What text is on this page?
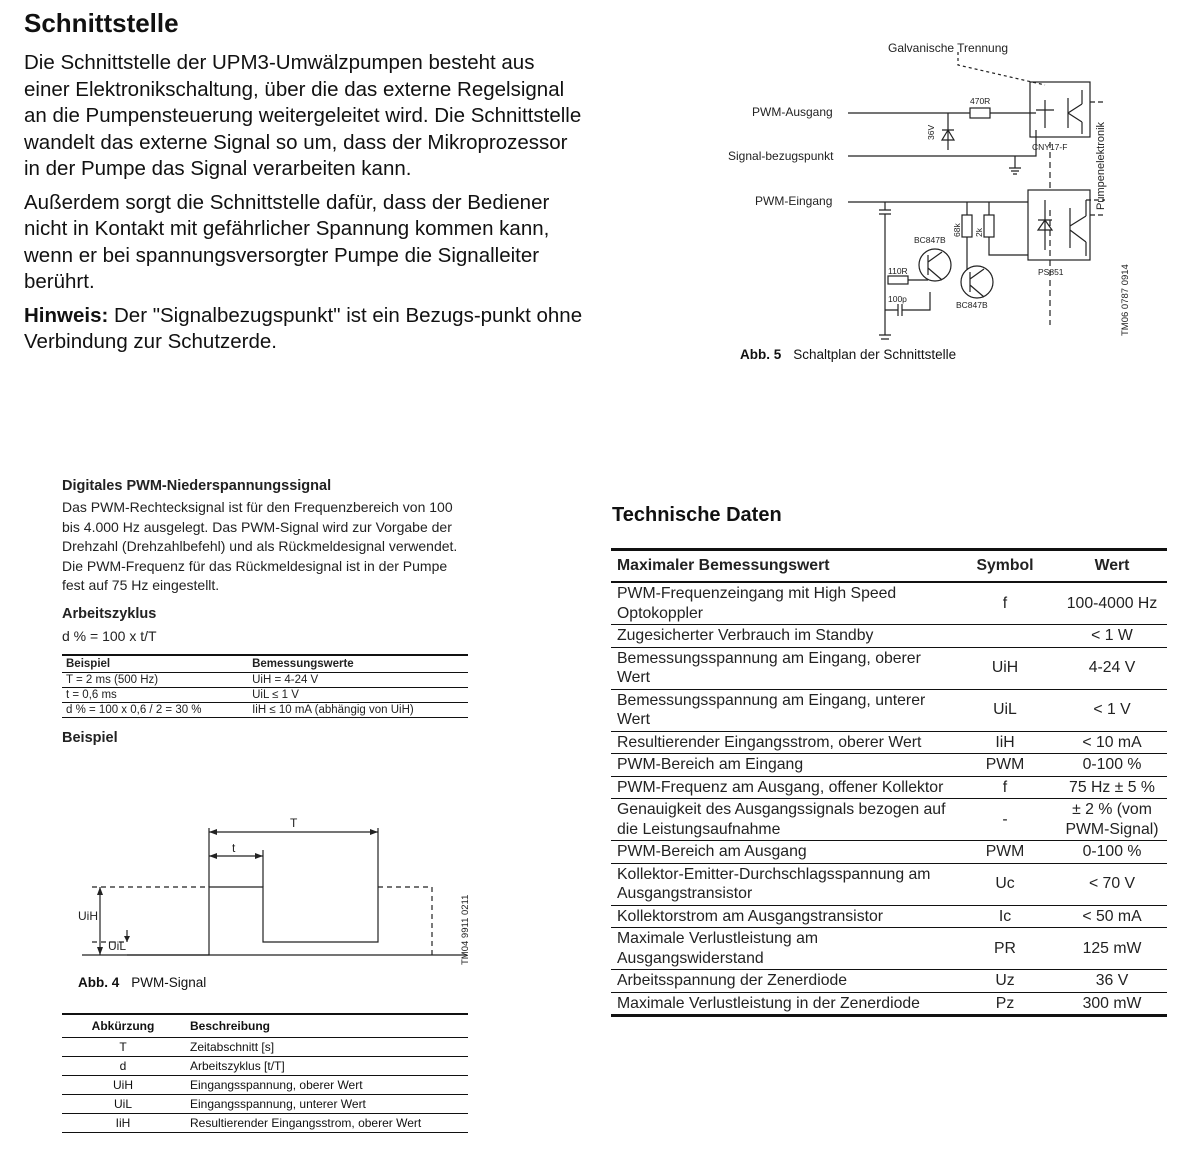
Schnittstelle

Die Schnittstelle der UPM3-Umwälzpumpen besteht aus einer Elektronikschaltung, über die das externe Regelsignal an die Pumpensteuerung weitergeleitet wird. Die Schnittstelle wandelt das externe Signal so um, dass der Mikroprozessor in der Pumpe das Signal verarbeiten kann.

Außerdem sorgt die Schnittstelle dafür, dass der Bediener nicht in Kontakt mit gefährlicher Spannung kommen kann, wenn er bei spannungsversorgter Pumpe die Signalleiter berührt.

Hinweis: Der "Signalbezugspunkt" ist ein Bezugs-punkt ohne Verbindung zur Schutzerde.

Galvanische Trennung
PWM-Ausgang
Signal-bezugspunkt
PWM-Eingang
470R
36V
CNY17-F
BC847B
BC847B
68k 2k
110R
100p
PS851
Pumpenelektronik
TM06 0787 0914
Abb. 5 Schaltplan der Schnittstelle
Digitales PWM-Niederspannungssignal

Das PWM-Rechtecksignal ist für den Frequenzbereich von 100 bis 4.000 Hz ausgelegt. Das PWM-Signal wird zur Vorgabe der Drehzahl (Drehzahlbefehl) und als Rückmeldesignal verwendet. Die PWM-Frequenz für das Rückmeldesignal ist in der Pumpe fest auf 75 Hz eingestellt.

Arbeitszyklus
d % = 100 x t/T
Beispiel	Bemessungswerte
T = 2 ms (500 Hz)	UiH = 4-24 V
t = 0,6 ms	UiL ≤ 1 V
d % = 100 x 0,6 / 2 = 30 %	IiH ≤ 10 mA (abhängig von UiH)
Beispiel
T
t
UiH
UiL	TM04 9911 0211
Abb. 4 PWM-Signal
Abkürzung	Beschreibung
T	Zeitabschnitt [s]
d	Arbeitszyklus [t/T]
UiH	Eingangsspannung, oberer Wert
UiL	Eingangsspannung, unterer Wert
IiH	Resultierender Eingangsstrom, oberer Wert
Technische Daten
Maximaler Bemessungswert	Symbol	Wert
PWM-Frequenzeingang mit High Speed Optokoppler	f	100-4000 Hz
Zugesicherter Verbrauch im Standby		< 1 W
Bemessungsspannung am Eingang, oberer Wert	UiH	4-24 V
Bemessungsspannung am Eingang, unterer Wert	UiL	< 1 V
Resultierender Eingangsstrom, oberer Wert	IiH	< 10 mA
PWM-Bereich am Eingang	PWM	0-100 %
PWM-Frequenz am Ausgang, offener Kollektor	f	75 Hz ± 5 %
Genauigkeit des Ausgangssignals bezogen auf die Leistungsaufnahme	-	± 2 % (vom PWM-Signal)
PWM-Bereich am Ausgang	PWM	0-100 %
Kollektor-Emitter-Durchschlagsspannung am Ausgangstransistor	Uc	< 70 V
Kollektorstrom am Ausgangstransistor	Ic	< 50 mA
Maximale Verlustleistung am Ausgangswiderstand	PR	125 mW
Arbeitsspannung der Zenerdiode	Uz	36 V
Maximale Verlustleistung in der Zenerdiode	Pz	300 mW
